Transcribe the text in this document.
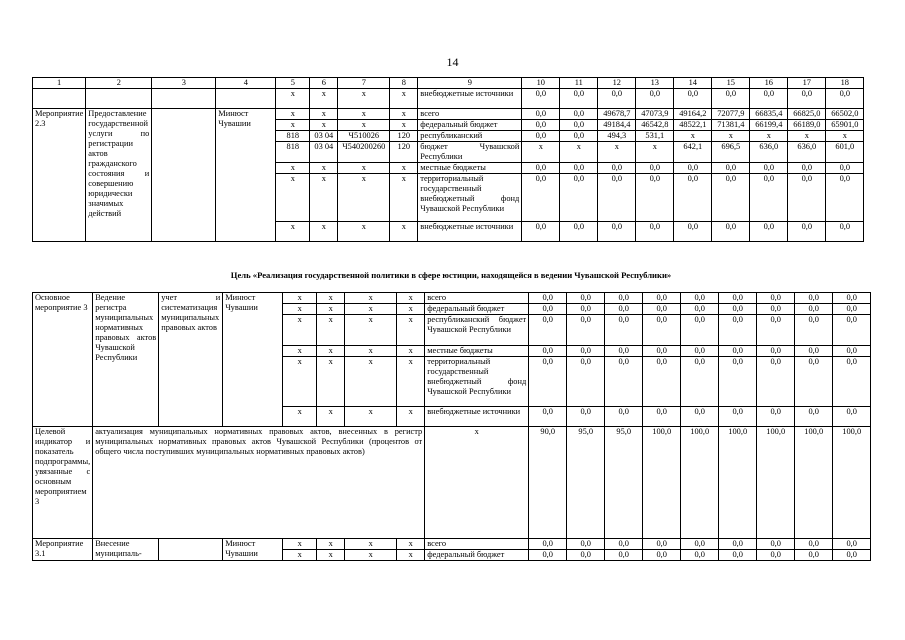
14
1	2	3	4	5	6	7	8	9	10	11	12	13	14	15	16	17	18
				x	x	x	x	внебюджетные источники	0,0	0,0	0,0	0,0	0,0	0,0	0,0	0,0	0,0
Мероприятие 2.3	Предоставление государственной услуги по регистрации актов гражданского состояния и совершению юридически значимых действий		Минюст Чувашии	x	x	x	x	всего	0,0	0,0	49678,7	47073,9	49164,2	72077,9	66835,4	66825,0	66502,0
				x	x	x	x	федеральный бюджет	0,0	0,0	49184,4	46542,8	48522,1	71381,4	66199,4	66189,0	65901,0
				818	03 04	Ч510026	120	республиканский	0,0	0,0	494,3	531,1	x	x	x	x	x
				818	03 04	Ч540200260	120	бюджет Чувашской Республики	x	x	x	x	642,1	696,5	636,0	636,0	601,0
				x	x	x	x	местные бюджеты	0,0	0,0	0,0	0,0	0,0	0,0	0,0	0,0	0,0
				x	x	x	x	территориальный государственный внебюджетный фонд Чувашской Республики	0,0	0,0	0,0	0,0	0,0	0,0	0,0	0,0	0,0
				x	x	x	x	внебюджетные источники	0,0	0,0	0,0	0,0	0,0	0,0	0,0	0,0	0,0
Цель «Реализация государственной политики в сфере юстиции, находящейся в ведении Чувашской Республики»
Основное мероприятие 3	Ведение регистра муниципальных нормативных правовых актов Чувашской Республики	учет и систематизация муниципальных правовых актов	Минюст Чувашии	x	x	x	x	всего	0,0	0,0	0,0	0,0	0,0	0,0	0,0	0,0	0,0
				x	x	x	x	федеральный бюджет	0,0	0,0	0,0	0,0	0,0	0,0	0,0	0,0	0,0
				x	x	x	x	республиканский бюджет Чувашской Республики	0,0	0,0	0,0	0,0	0,0	0,0	0,0	0,0	0,0
				x	x	x	x	местные бюджеты	0,0	0,0	0,0	0,0	0,0	0,0	0,0	0,0	0,0
				x	x	x	x	территориальный государственный внебюджетный фонд Чувашской Республики	0,0	0,0	0,0	0,0	0,0	0,0	0,0	0,0	0,0
				x	x	x	x	внебюджетные источники	0,0	0,0	0,0	0,0	0,0	0,0	0,0	0,0	0,0
Целевой индикатор и показатель подпрограммы, увязанные с основным мероприятием 3	актуализация муниципальных нормативных правовых актов, внесенных в регистр муниципальных нормативных правовых актов Чувашской Республики (процентов от общего числа поступивших муниципальных нормативных правовых актов)							x	90,0	95,0	95,0	100,0	100,0	100,0	100,0	100,0	100,0
Мероприятие 3.1	Внесение муниципаль-		Минюст Чувашии	x	x	x	x	всего	0,0	0,0	0,0	0,0	0,0	0,0	0,0	0,0	0,0
				x	x	x	x	федеральный бюджет	0,0	0,0	0,0	0,0	0,0	0,0	0,0	0,0	0,0
